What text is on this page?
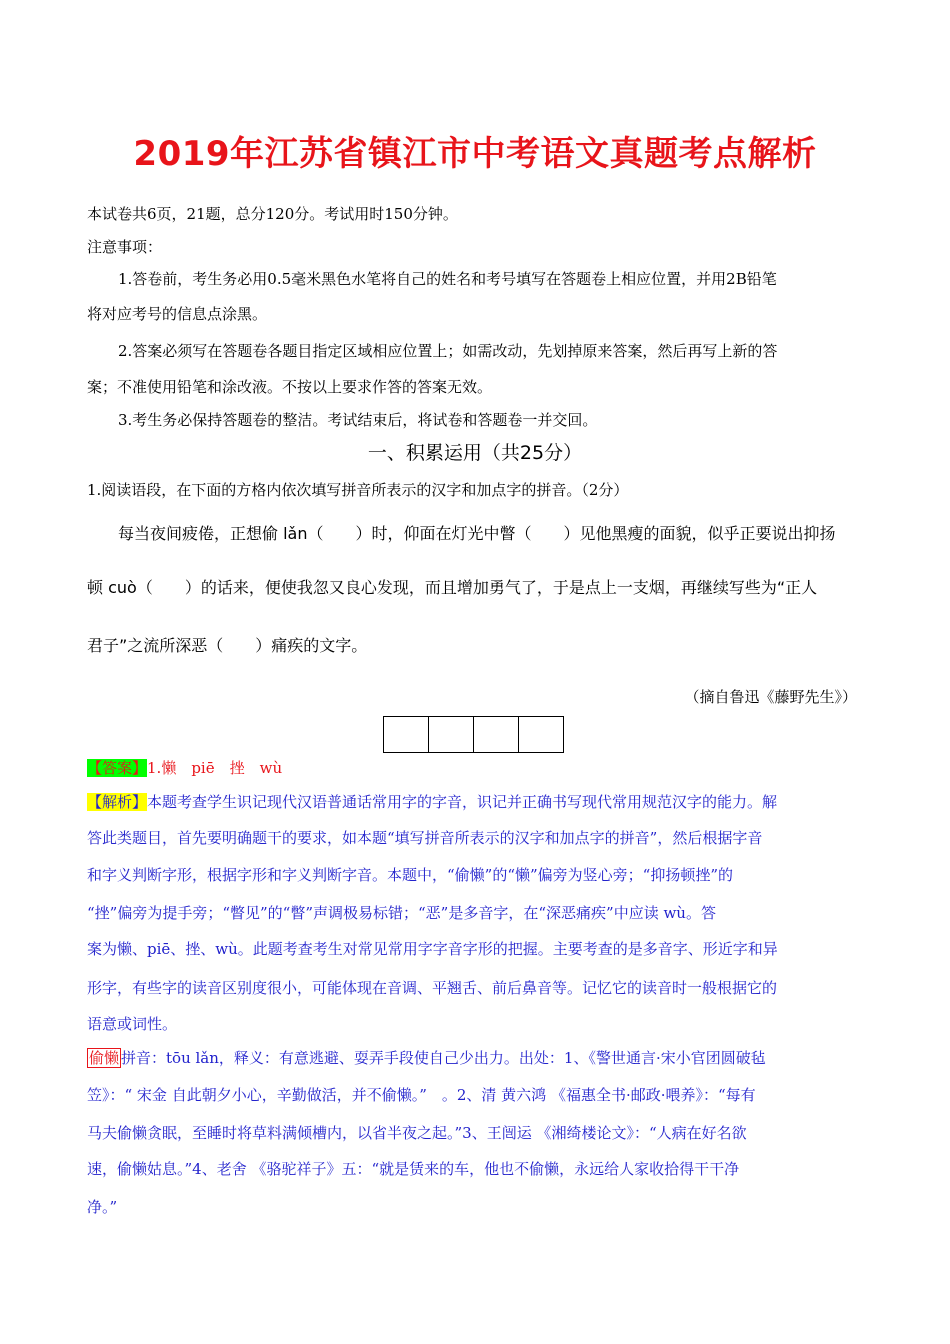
2019年江苏省镇江市中考语文真题考点解析
本试卷共6页，21题，总分120分。考试用时150分钟。
注意事项：
1.答卷前，考生务必用0.5毫米黑色水笔将自己的姓名和考号填写在答题卷上相应位置，并用2B铅笔
将对应考号的信息点涂黑。
2.答案必须写在答题卷各题目指定区域相应位置上；如需改动，先划掉原来答案，然后再写上新的答
案；不准使用铅笔和涂改液。不按以上要求作答的答案无效。
3.考生务必保持答题卷的整洁。考试结束后，将试卷和答题卷一并交回。
一、积累运用（共25分）
1.阅读语段，在下面的方格内依次填写拼音所表示的汉字和加点字的拼音。（2分）
每当夜间疲倦，正想偷 lǎn（　　）时，仰面在灯光中瞥（　　）见他黑瘦的面貌，似乎正要说出抑扬
顿 cuò（　　）的话来，便使我忽又良心发现，而且增加勇气了，于是点上一支烟，再继续写些为“正人
君子”之流所深恶（　　）痛疾的文字。
（摘自鲁迅《藤野先生》）
【答案】1.懒　piē　挫　wù
【解析】本题考查学生识记现代汉语普通话常用字的字音，识记并正确书写现代常用规范汉字的能力。解
答此类题目，首先要明确题干的要求，如本题“填写拼音所表示的汉字和加点字的拼音”，然后根据字音
和字义判断字形，根据字形和字义判断字音。本题中，“偷懒”的“懒”偏旁为竖心旁；“抑扬顿挫”的
“挫”偏旁为提手旁；“瞥见”的“瞥”声调极易标错；“恶”是多音字，在“深恶痛疾”中应读 wù。答
案为懒、piē、挫、wù。此题考查考生对常见常用字字音字形的把握。主要考查的是多音字、形近字和异
形字，有些字的读音区别度很小，可能体现在音调、平翘舌、前后鼻音等。记忆它的读音时一般根据它的
语意或词性。
偷懒 拼音：tōu lǎn，释义：有意逃避、耍弄手段使自己少出力。出处：1、《警世通言·宋小官团圆破毡
笠》：“ 宋金 自此朝夕小心，辛勤做活，并不偷懒。”　。2、清 黄六鸿 《福惠全书·邮政·喂养》：“每有
马夫偷懒贪眠，至睡时将草料满倾槽内，以省半夜之起。”3、王闿运 《湘绮楼论文》：“人病在好名欲
速，偷懒姑息。”4、老舍 《骆驼祥子》五：“就是赁来的车，他也不偷懒，永远给人家收拾得干干净
净。”
